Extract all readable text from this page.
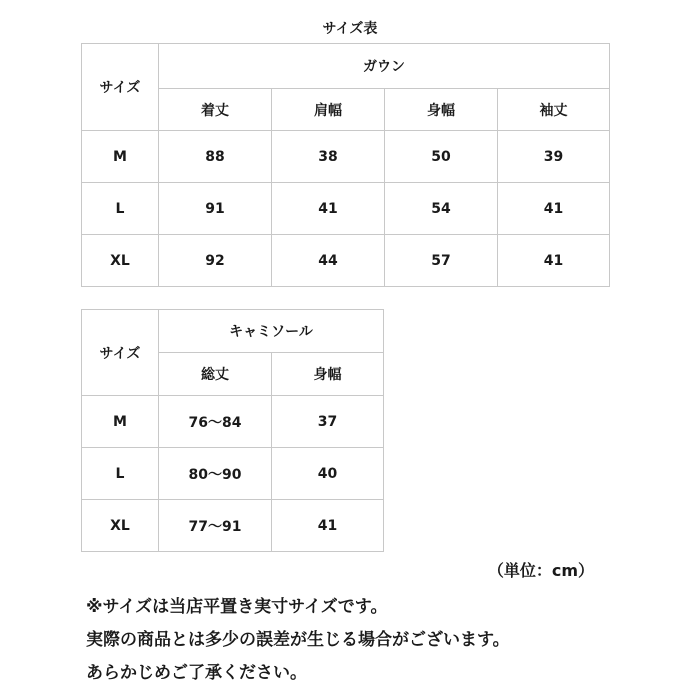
サイズ表
サイズ	ガウン			
	着丈	肩幅	身幅	袖丈
M	88	38	50	39
L	91	41	54	41
XL	92	44	57	41
サイズ	キャミソール	
	総丈	身幅
M	76～84	37
L	80～90	40
XL	77～91	41
（単位：cm）
※サイズは当店平置き実寸サイズです。
実際の商品とは多少の誤差が生じる場合がございます。
あらかじめご了承ください。
